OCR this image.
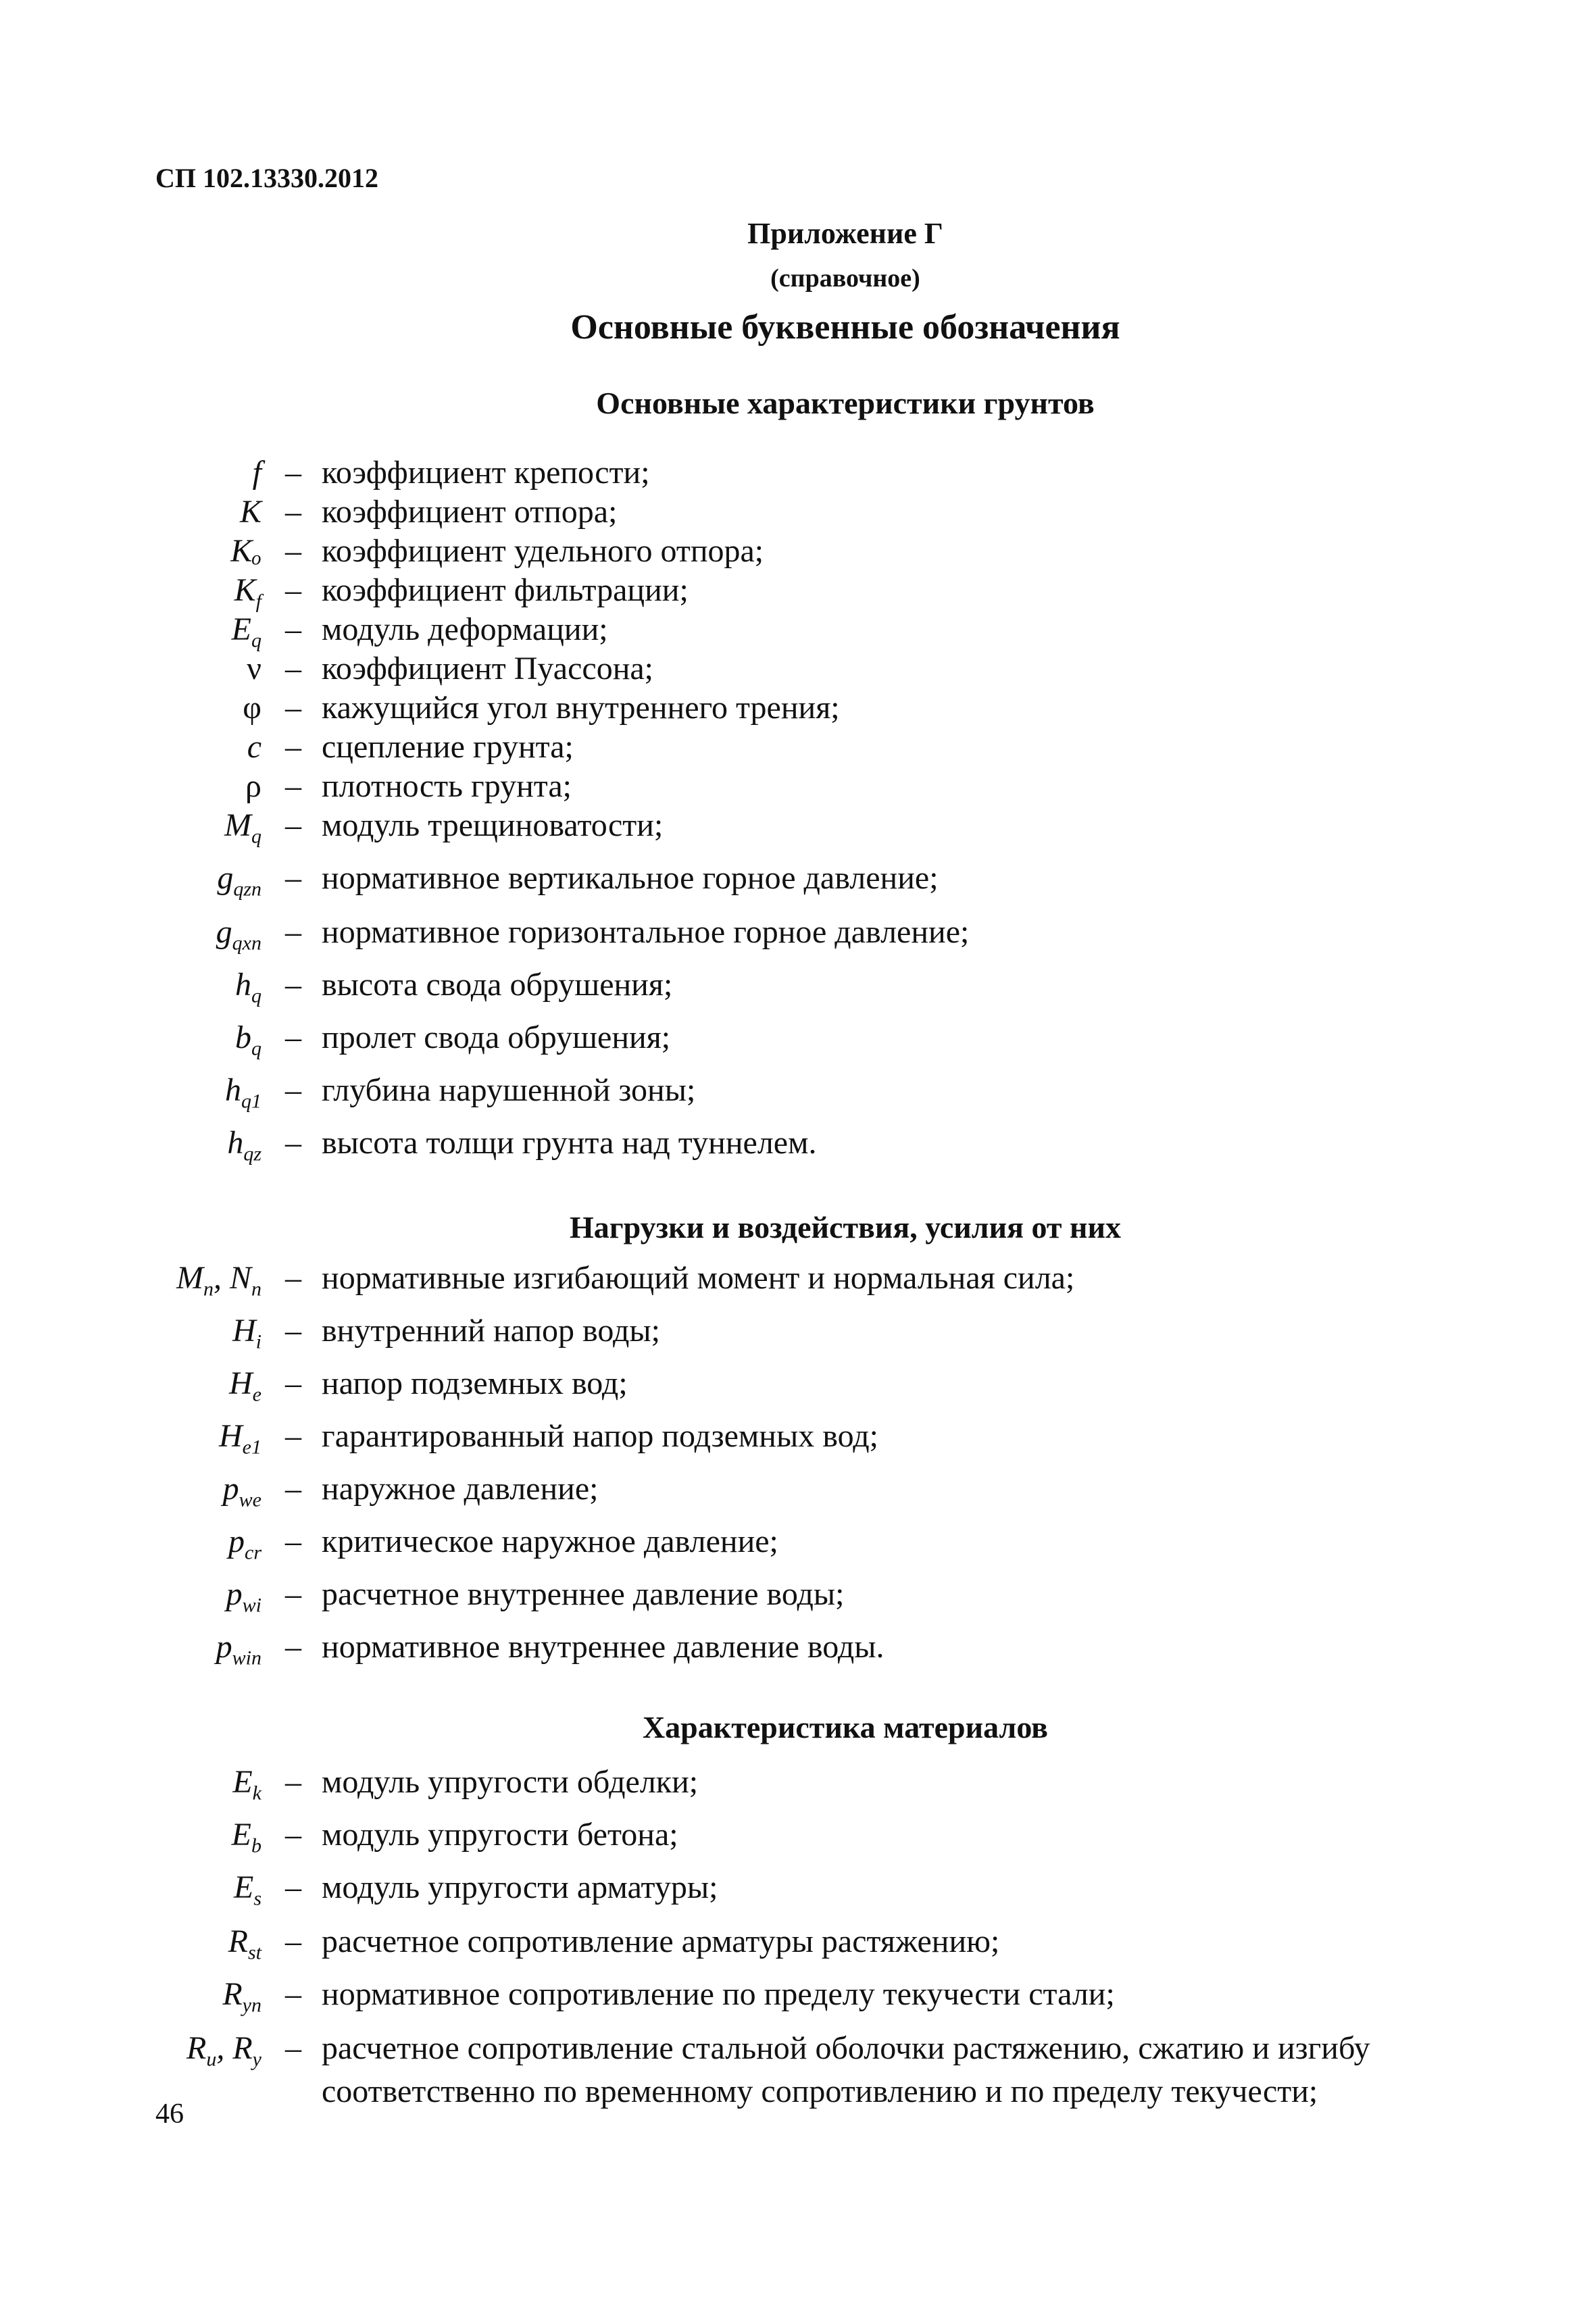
СП 102.13330.2012
Приложение Г
(справочное)
Основные буквенные обозначения
Основные характеристики грунтов
f – коэффициент крепости;
K – коэффициент отпора;
Kₒ – коэффициент удельного отпора;
$K_f$ – коэффициент фильтрации;
$E_q$ – модуль деформации;
ν – коэффициент Пуассона;
φ – кажущийся угол внутреннего трения;
c – сцепление грунта;
ρ – плотность грунта;
$M_q$ – модуль трещиноватости;
$g_{qzn}$ – нормативное вертикальное горное давление;
$g_{qxn}$ – нормативное горизонтальное горное давление;
$h_q$ – высота свода обрушения;
$b_q$ – пролет свода обрушения;
$h_{q1}$ – глубина нарушенной зоны;
$h_{qz}$ – высота толщи грунта над туннелем.
Нагрузки и воздействия, усилия от них
$M_n$, $N_n$ – нормативные изгибающий момент и нормальная сила;
$H_i$ – внутренний напор воды;
$H_e$ – напор подземных вод;
$H_{e1}$ – гарантированный напор подземных вод;
$p_{we}$ – наружное давление;
$p_{cr}$ – критическое наружное давление;
$p_{wi}$ – расчетное внутреннее давление воды;
$p_{win}$ – нормативное внутреннее давление воды.
Характеристика материалов
$E_k$ – модуль упругости обделки;
$E_b$ – модуль упругости бетона;
$E_s$ – модуль упругости арматуры;
$R_{st}$ – расчетное сопротивление арматуры растяжению;
$R_{yn}$ – нормативное сопротивление по пределу текучести стали;
$R_u$, $R_y$ – расчетное сопротивление стальной оболочки растяжению, сжатию и изгибу соответственно по временному сопротивлению и по пределу текучести;
46
